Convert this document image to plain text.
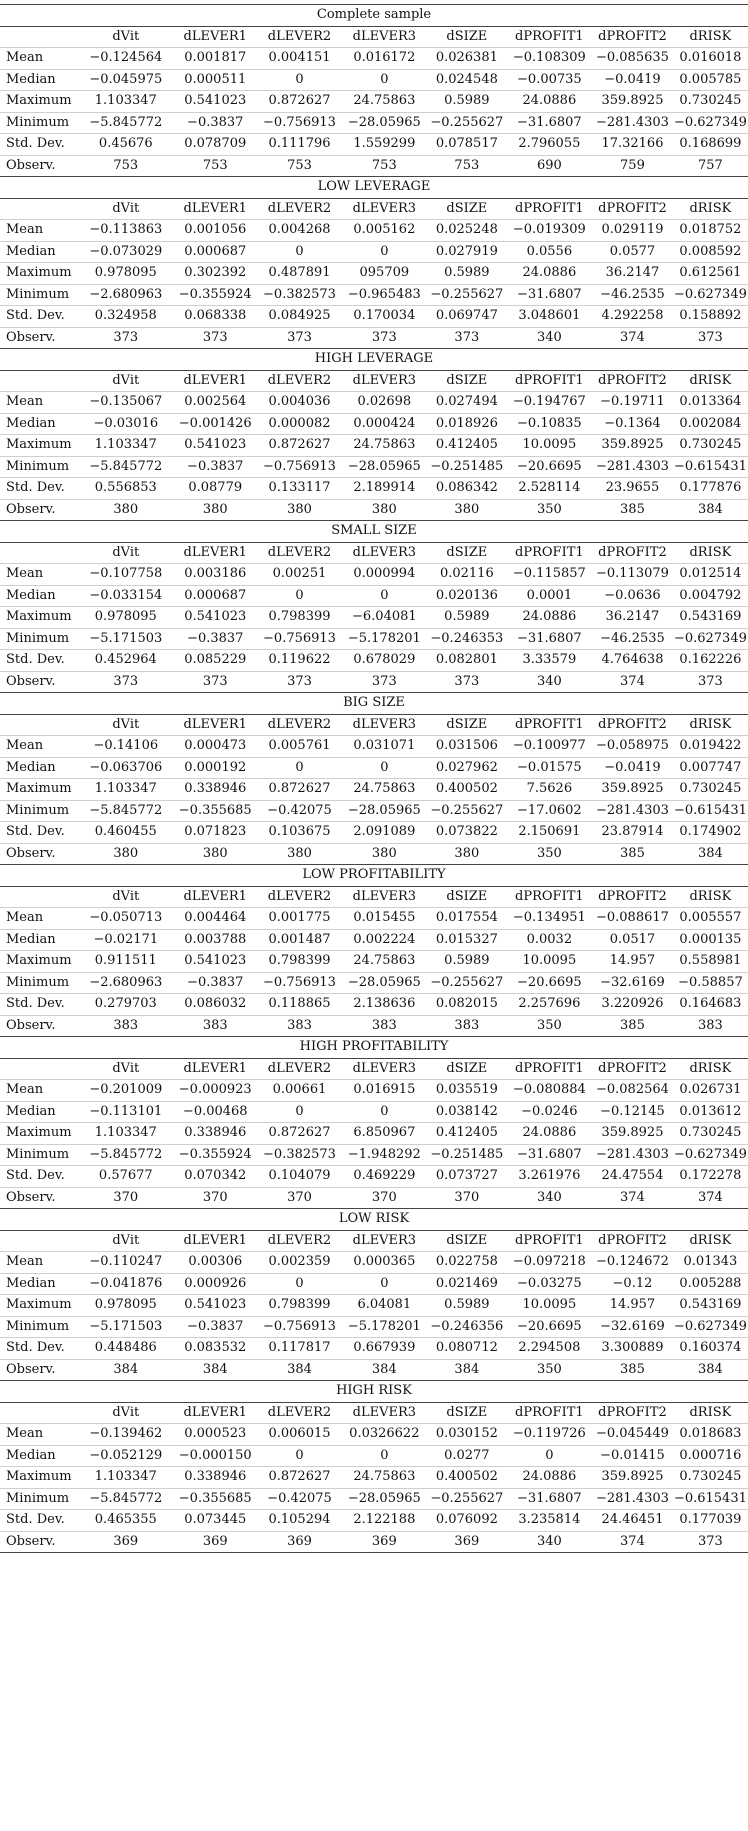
Complete sample								
	dVit	dLEVER1	dLEVER2	dLEVER3	dSIZE	dPROFIT1	dPROFIT2	dRISK
Mean	−0.124564	0.001817	0.004151	0.016172	0.026381	−0.108309	−0.085635	0.016018
Median	−0.045975	0.000511	0	0	0.024548	−0.00735	−0.0419	0.005785
Maximum	1.103347	0.541023	0.872627	24.75863	0.5989	24.0886	359.8925	0.730245
Minimum	−5.845772	−0.3837	−0.756913	−28.05965	−0.255627	−31.6807	−281.4303	−0.627349
Std. Dev.	0.45676	0.078709	0.111796	1.559299	0.078517	2.796055	17.32166	0.168699
Observ.	753	753	753	753	753	690	759	757
LOW LEVERAGE								
	dVit	dLEVER1	dLEVER2	dLEVER3	dSIZE	dPROFIT1	dPROFIT2	dRISK
Mean	−0.113863	0.001056	0.004268	0.005162	0.025248	−0.019309	0.029119	0.018752
Median	−0.073029	0.000687	0	0	0.027919	0.0556	0.0577	0.008592
Maximum	0.978095	0.302392	0.487891	095709	0.5989	24.0886	36.2147	0.612561
Minimum	−2.680963	−0.355924	−0.382573	−0.965483	−0.255627	−31.6807	−46.2535	−0.627349
Std. Dev.	0.324958	0.068338	0.084925	0.170034	0.069747	3.048601	4.292258	0.158892
Observ.	373	373	373	373	373	340	374	373
HIGH LEVERAGE								
	dVit	dLEVER1	dLEVER2	dLEVER3	dSIZE	dPROFIT1	dPROFIT2	dRISK
Mean	−0.135067	0.002564	0.004036	0.02698	0.027494	−0.194767	−0.19711	0.013364
Median	−0.03016	−0.001426	0.000082	0.000424	0.018926	−0.10835	−0.1364	0.002084
Maximum	1.103347	0.541023	0.872627	24.75863	0.412405	10.0095	359.8925	0.730245
Minimum	−5.845772	−0.3837	−0.756913	−28.05965	−0.251485	−20.6695	−281.4303	−0.615431
Std. Dev.	0.556853	0.08779	0.133117	2.189914	0.086342	2.528114	23.9655	0.177876
Observ.	380	380	380	380	380	350	385	384
SMALL SIZE								
	dVit	dLEVER1	dLEVER2	dLEVER3	dSIZE	dPROFIT1	dPROFIT2	dRISK
Mean	−0.107758	0.003186	0.00251	0.000994	0.02116	−0.115857	−0.113079	0.012514
Median	−0.033154	0.000687	0	0	0.020136	0.0001	−0.0636	0.004792
Maximum	0.978095	0.541023	0.798399	−6.04081	0.5989	24.0886	36.2147	0.543169
Minimum	−5.171503	−0.3837	−0.756913	−5.178201	−0.246353	−31.6807	−46.2535	−0.627349
Std. Dev.	0.452964	0.085229	0.119622	0.678029	0.082801	3.33579	4.764638	0.162226
Observ.	373	373	373	373	373	340	374	373
BIG SIZE								
	dVit	dLEVER1	dLEVER2	dLEVER3	dSIZE	dPROFIT1	dPROFIT2	dRISK
Mean	−0.14106	0.000473	0.005761	0.031071	0.031506	−0.100977	−0.058975	0.019422
Median	−0.063706	0.000192	0	0	0.027962	−0.01575	−0.0419	0.007747
Maximum	1.103347	0.338946	0.872627	24.75863	0.400502	7.5626	359.8925	0.730245
Minimum	−5.845772	−0.355685	−0.42075	−28.05965	−0.255627	−17.0602	−281.4303	−0.615431
Std. Dev.	0.460455	0.071823	0.103675	2.091089	0.073822	2.150691	23.87914	0.174902
Observ.	380	380	380	380	380	350	385	384
LOW PROFITABILITY								
	dVit	dLEVER1	dLEVER2	dLEVER3	dSIZE	dPROFIT1	dPROFIT2	dRISK
Mean	−0.050713	0.004464	0.001775	0.015455	0.017554	−0.134951	−0.088617	0.005557
Median	−0.02171	0.003788	0.001487	0.002224	0.015327	0.0032	0.0517	0.000135
Maximum	0.911511	0.541023	0.798399	24.75863	0.5989	10.0095	14.957	0.558981
Minimum	−2.680963	−0.3837	−0.756913	−28.05965	−0.255627	−20.6695	−32.6169	−0.58857
Std. Dev.	0.279703	0.086032	0.118865	2.138636	0.082015	2.257696	3.220926	0.164683
Observ.	383	383	383	383	383	350	385	383
HIGH PROFITABILITY								
	dVit	dLEVER1	dLEVER2	dLEVER3	dSIZE	dPROFIT1	dPROFIT2	dRISK
Mean	−0.201009	−0.000923	0.00661	0.016915	0.035519	−0.080884	−0.082564	0.026731
Median	−0.113101	−0.00468	0	0	0.038142	−0.0246	−0.12145	0.013612
Maximum	1.103347	0.338946	0.872627	6.850967	0.412405	24.0886	359.8925	0.730245
Minimum	−5.845772	−0.355924	−0.382573	−1.948292	−0.251485	−31.6807	−281.4303	−0.627349
Std. Dev.	0.57677	0.070342	0.104079	0.469229	0.073727	3.261976	24.47554	0.172278
Observ.	370	370	370	370	370	340	374	374
LOW RISK								
	dVit	dLEVER1	dLEVER2	dLEVER3	dSIZE	dPROFIT1	dPROFIT2	dRISK
Mean	−0.110247	0.00306	0.002359	0.000365	0.022758	−0.097218	−0.124672	0.01343
Median	−0.041876	0.000926	0	0	0.021469	−0.03275	−0.12	0.005288
Maximum	0.978095	0.541023	0.798399	6.04081	0.5989	10.0095	14.957	0.543169
Minimum	−5.171503	−0.3837	−0.756913	−5.178201	−0.246356	−20.6695	−32.6169	−0.627349
Std. Dev.	0.448486	0.083532	0.117817	0.667939	0.080712	2.294508	3.300889	0.160374
Observ.	384	384	384	384	384	350	385	384
HIGH RISK								
	dVit	dLEVER1	dLEVER2	dLEVER3	dSIZE	dPROFIT1	dPROFIT2	dRISK
Mean	−0.139462	0.000523	0.006015	0.0326622	0.030152	−0.119726	−0.045449	0.018683
Median	−0.052129	−0.000150	0	0	0.0277	0	−0.01415	0.000716
Maximum	1.103347	0.338946	0.872627	24.75863	0.400502	24.0886	359.8925	0.730245
Minimum	−5.845772	−0.355685	−0.42075	−28.05965	−0.255627	−31.6807	−281.4303	−0.615431
Std. Dev.	0.465355	0.073445	0.105294	2.122188	0.076092	3.235814	24.46451	0.177039
Observ.	369	369	369	369	369	340	374	373
